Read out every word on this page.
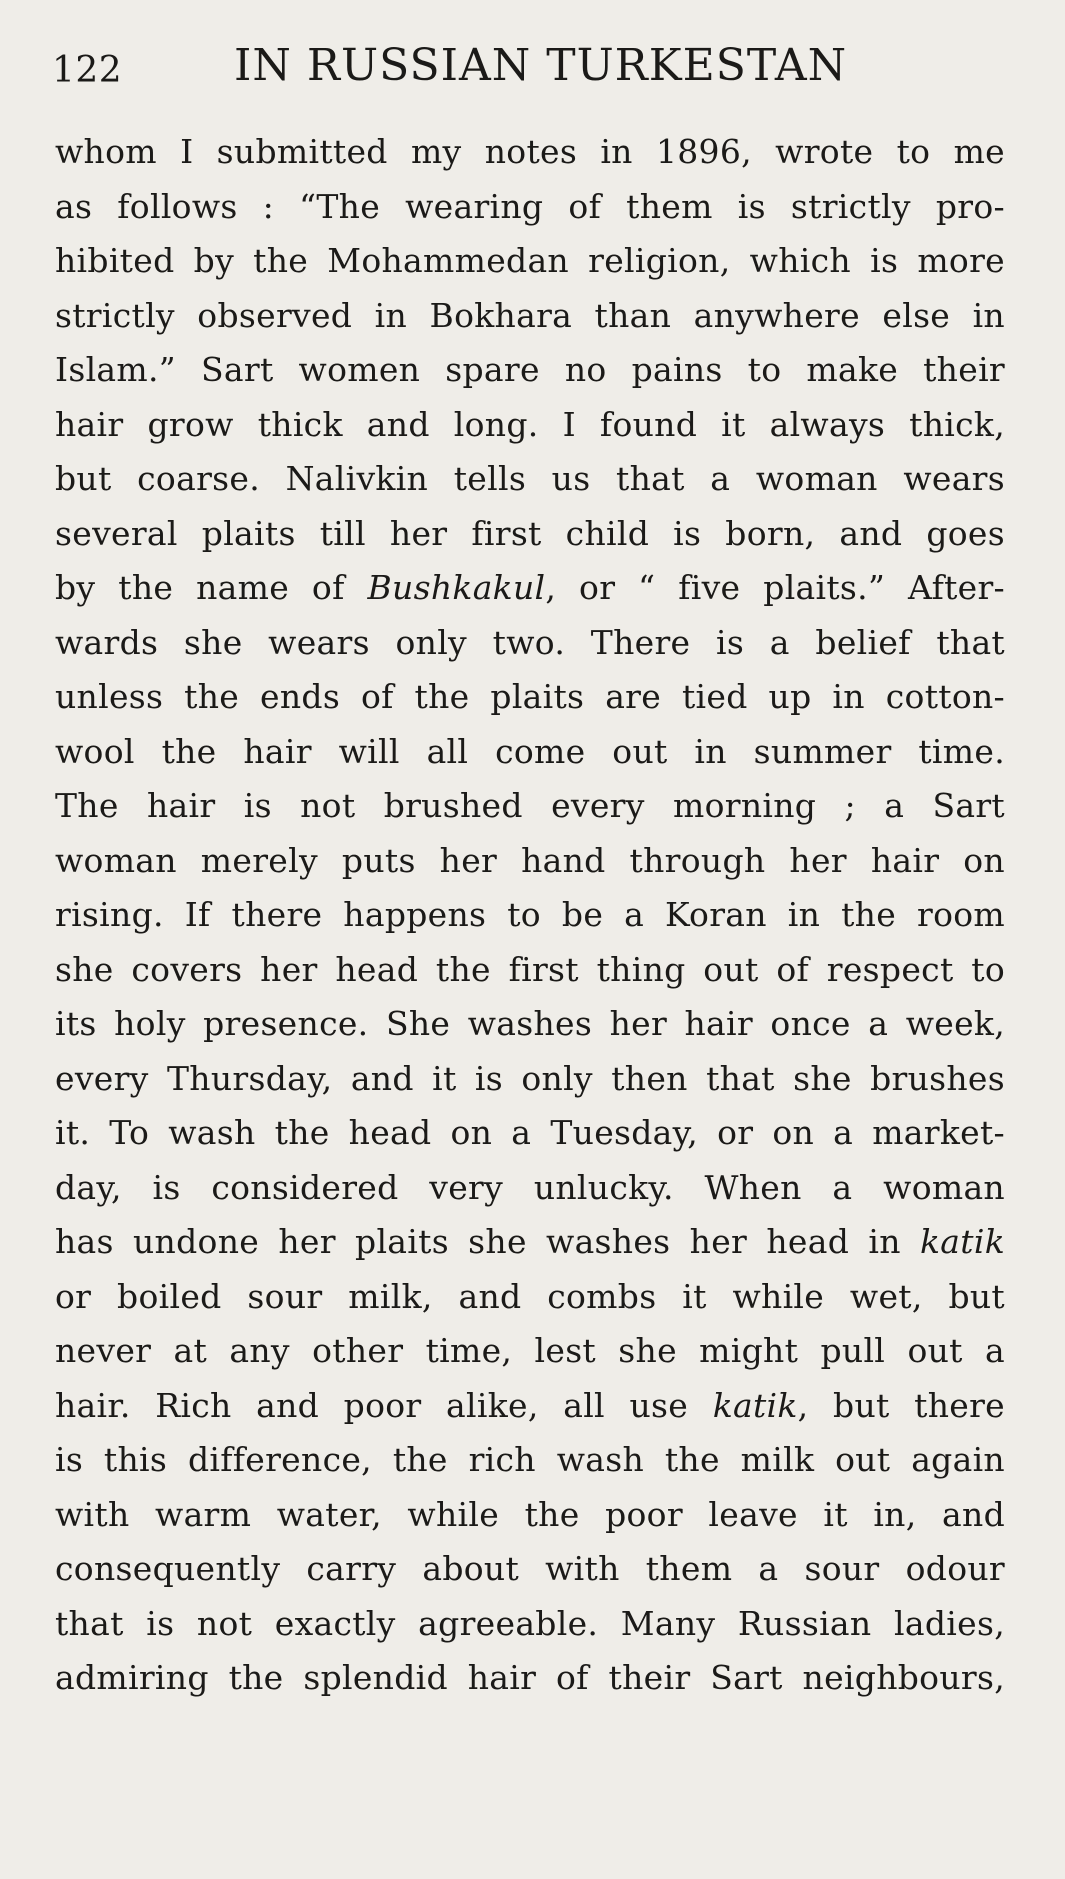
122	IN RUSSIAN TURKESTAN
whom I submitted my notes in 1896, wrote to me
as follows : “The wearing of them is strictly pro-
hibited by the Mohammedan religion, which is more
strictly observed in Bokhara than anywhere else in
Islam.” Sart women spare no pains to make their
hair grow thick and long. I found it always thick,
but coarse. Nalivkin tells us that a woman wears
several plaits till her first child is born, and goes
by the name of Bushkakul, or “ five plaits.” After-
wards she wears only two. There is a belief that
unless the ends of the plaits are tied up in cotton-
wool the hair will all come out in summer time.
The hair is not brushed every morning ; a Sart
woman merely puts her hand through her hair on
rising. If there happens to be a Koran in the room
she covers her head the first thing out of respect to
its holy presence. She washes her hair once a week,
every Thursday, and it is only then that she brushes
it. To wash the head on a Tuesday, or on a market-
day, is considered very unlucky. When a woman
has undone her plaits she washes her head in katik
or boiled sour milk, and combs it while wet, but
never at any other time, lest she might pull out a
hair. Rich and poor alike, all use katik, but there
is this difference, the rich wash the milk out again
with warm water, while the poor leave it in, and
consequently carry about with them a sour odour
that is not exactly agreeable. Many Russian ladies,
admiring the splendid hair of their Sart neighbours,
